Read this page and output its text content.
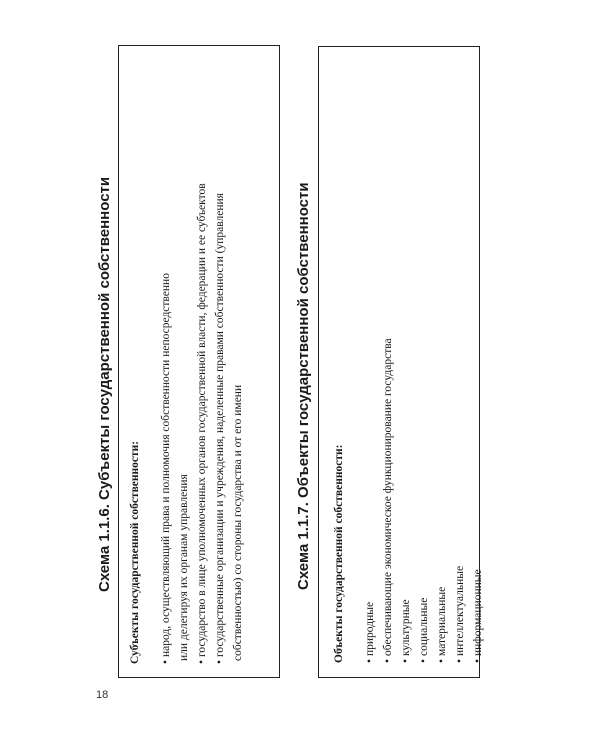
18
Схема 1.1.6. Субъекты государственной собственности Субъекты государственной собственности: •народ, осуществляющий права и полномочия собственности непосредственно или делегируя их органам управления
•государство в лице уполномоченных органов государственной власти, федерации и ее субъектов
•государственные организации и учреждения, наделенные правами собственности (управления собственностью) со стороны государства и от его имени	Схема 1.1.7. Объекты государственной собственности Объекты государственной собственности: •природные
•обеспечивающие экономическое функционирование государства
•культурные
•социальные
•материальные
•интеллектуальные
•информационные
